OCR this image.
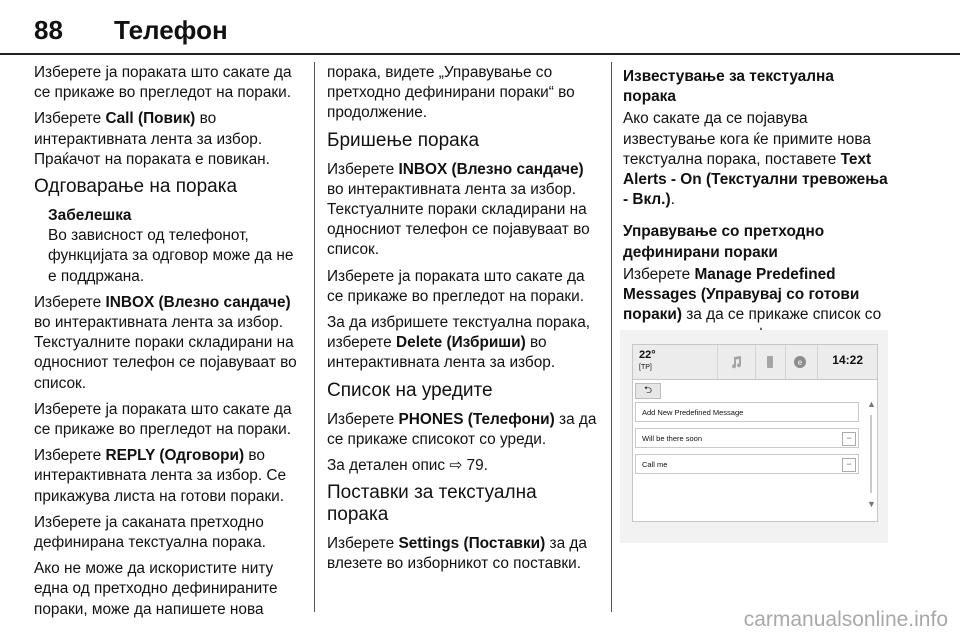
88 Телефон

Изберете ја пораката што сакате да се прикаже во прегледот на пораки.

Изберете Call (Повик) во интерактивната лента за избор. Праќачот на пораката е повикан.

Одговарање на порака
Забелешка
Во зависност од телефонот, функцијата за одговор може да не е поддржана.

Изберете INBOX (Влезно сандаче) во интерактивната лента за избор. Текстуалните пораки складирани на односниот телефон се појавуваат во список.

Изберете ја пораката што сакате да се прикаже во прегледот на пораки.

Изберете REPLY (Одговори) во интерактивната лента за избор. Се прикажува листа на готови пораки.

Изберете ја саканата претходно дефинирана текстуална порака.

Ако не може да искористите ниту една од претходно дефинираните пораки, може да напишете нова

порака, видете „Управување со претходно дефинирани пораки“ во продолжение.

Бришење порака

Изберете INBOX (Влезно сандаче) во интерактивната лента за избор. Текстуалните пораки складирани на односниот телефон се појавуваат во список.

Изберете ја пораката што сакате да се прикаже во прегледот на пораки.

За да избришете текстуална порака, изберете Delete (Избриши) во интерактивната лента за избор.

Список на уредите

Изберете PHONES (Телефони) за да се прикаже списокот со уреди.

За детален опис ⇨ 79.

Поставки за текстуална порака

Изберете Settings (Поставки) за да влезете во изборникот со поставки.

Известување за текстуална порака

Ако сакате да се појавува известување кога ќе примите нова текстуална порака, поставете Text Alerts - On (Текстуални тревожења - Вкл.).

Управување со претходно дефинирани пораки

Изберете Manage Predefined Messages (Управувај со готови пораки) за да се прикаже список со

22°
[TP]
e	14:22
⮌
Add New Predefined Message
Will be there soon	−
Call me	−
▲
▼
carmanualsonline.info
